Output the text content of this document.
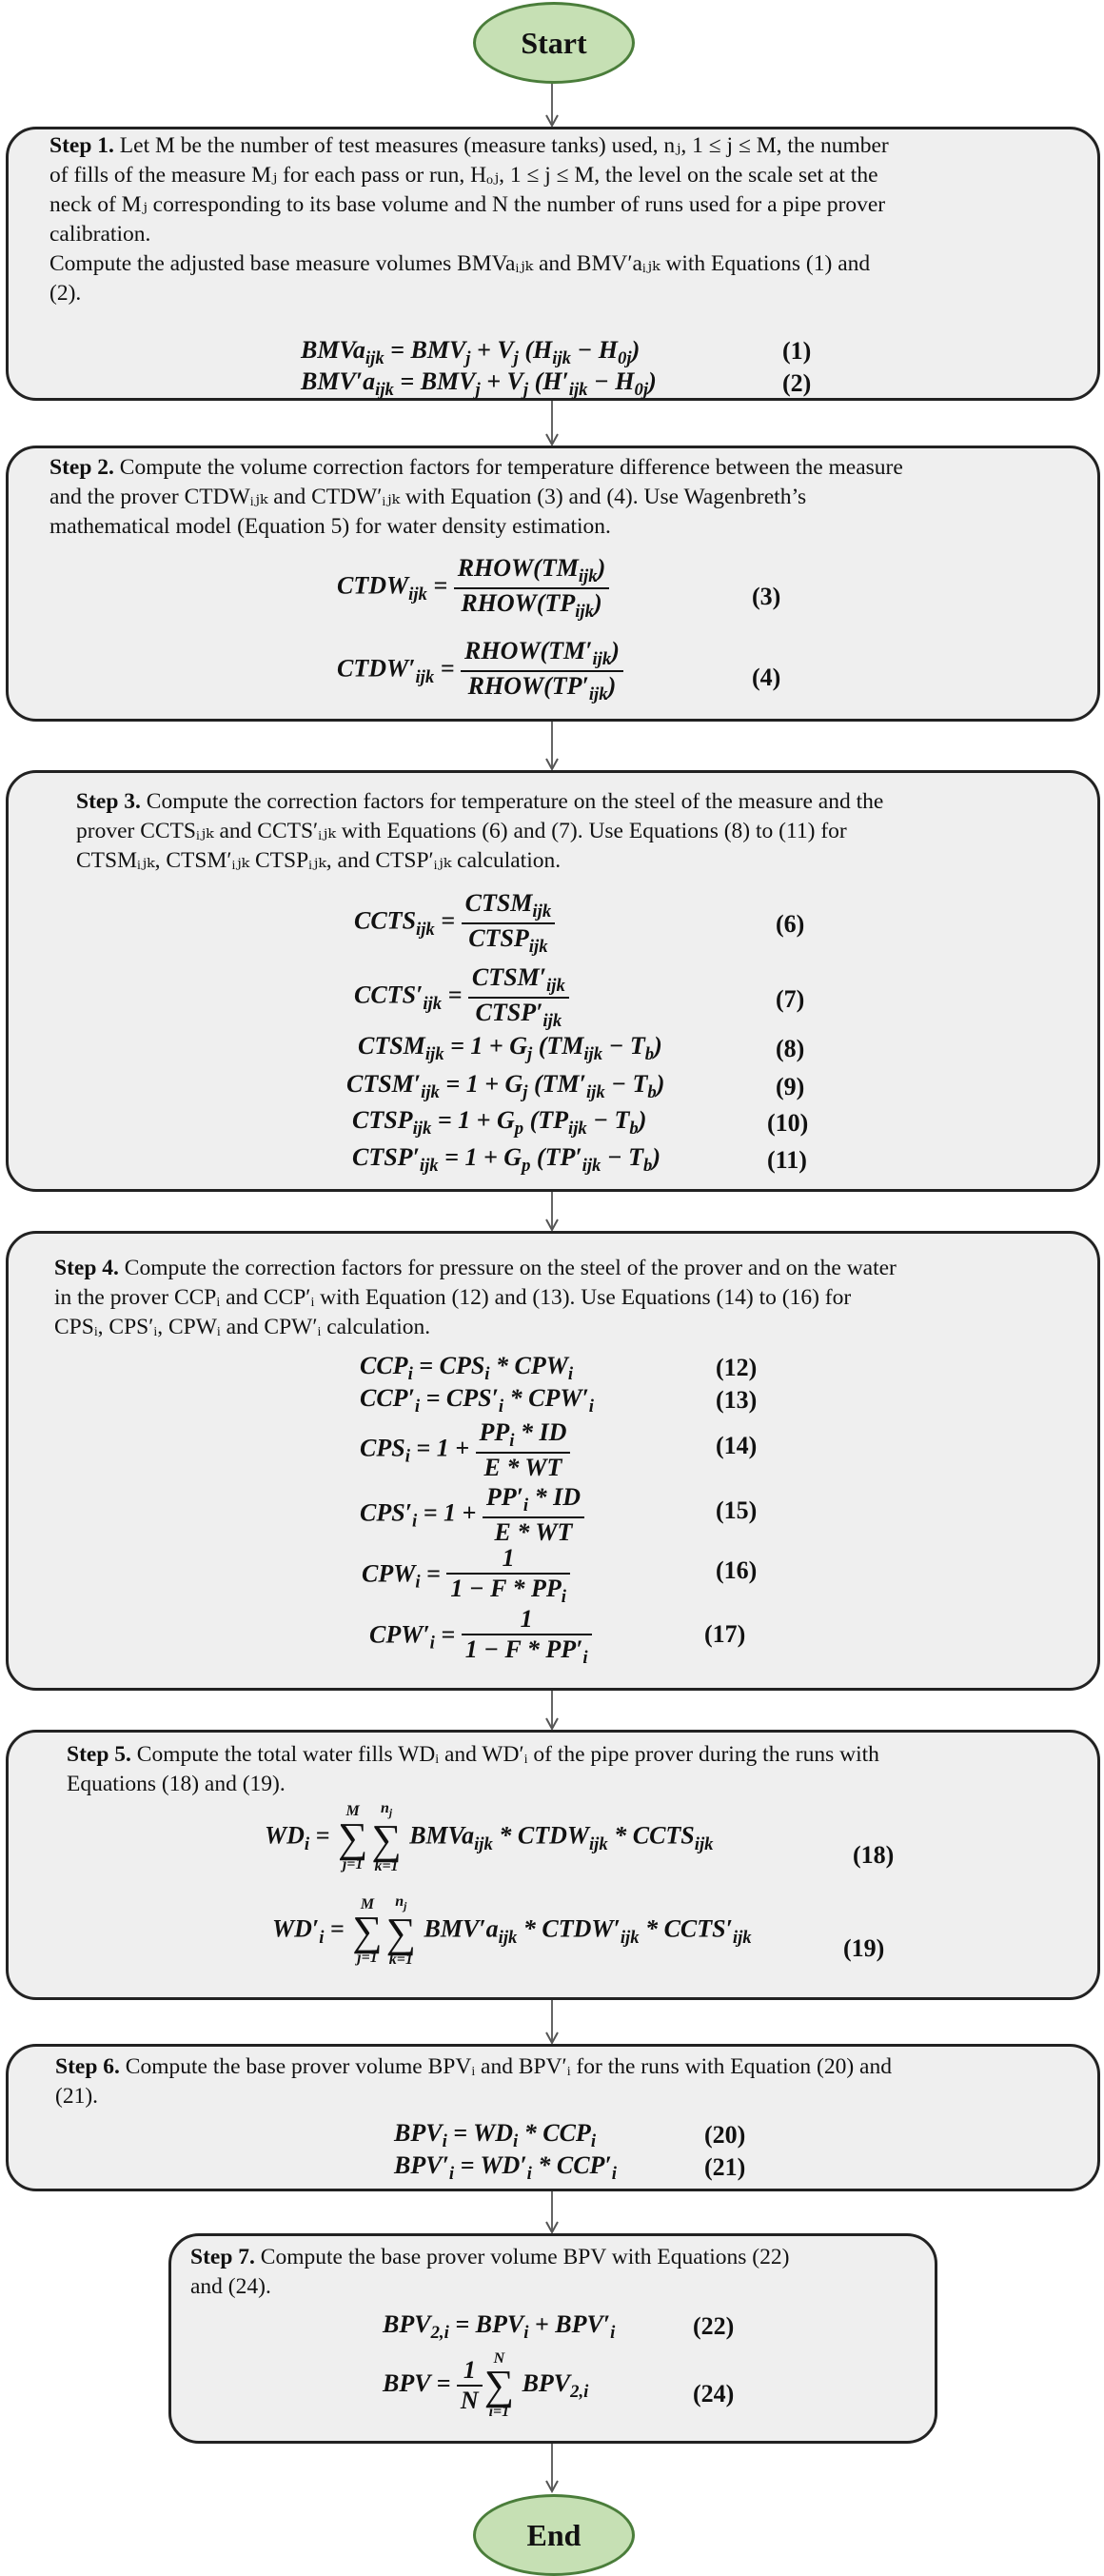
Start
Step 1. Let M be the number of test measures (measure tanks) used, nⱼ, 1 ≤ j ≤ M, the number
of fills of the measure Mⱼ for each pass or run, Hₒⱼ, 1 ≤ j ≤ M, the level on the scale set at the
neck of Mⱼ corresponding to its base volume and N the number of runs used for a pipe prover
calibration.
Compute the adjusted base measure volumes BMVaᵢⱼₖ and BMV′aᵢⱼₖ with Equations (1) and
(2).
BMVa$_{ijk}$ = $BMV_j + V_j$ $(H_{ijk} - H_{0j})$	(1)
$BMV'a_{ijk} = BMV_j + V_j$ $(H'_{ijk} - H_{0j})$	(2)
Step 2. Compute the volume correction factors for temperature difference between the measure
and the prover CTDWᵢⱼₖ and CTDW′ᵢⱼₖ with Equation (3) and (4). Use Wagenbreth’s
mathematical model (Equation 5) for water density estimation.
$CTDW_{ijk} = \frac{RHOW(TM_{ijk})}{RHOW(TP_{ijk})}$	(3)
$CTDW'_{ijk} = \frac{RHOW(TM'_{ijk})}{RHOW(TP'_{ijk})}$	(4)
Step 3. Compute the correction factors for temperature on the steel of the measure and the
prover CCTSᵢⱼₖ and CCTS′ᵢⱼₖ with Equations (6) and (7). Use Equations (8) to (11) for
CTSMᵢⱼₖ, CTSM′ᵢⱼₖ CTSPᵢⱼₖ, and CTSP′ᵢⱼₖ calculation.
$CCTS_{ijk} = \frac{CTSM_{ijk}}{CTSP_{ijk}}$	(6)
$CCTS'_{ijk} = \frac{CTSM'_{ijk}}{CTSP'_{ijk}}$	(7)
$CTSM_{ijk} = 1 + G_j$ $(TM_{ijk} - T_b)$	(8)
$CTSM'_{ijk} = 1 + G_j$ $(TM'_{ijk} - T_b)$	(9)
$CTSP_{ijk} = 1 + G_p$ $(TP_{ijk} - T_b)$	(10)
$CTSP'_{ijk} = 1 + G_p$ $(TP'_{ijk} - T_b)$	(11)
Step 4. Compute the correction factors for pressure on the steel of the prover and on the water
in the prover CCPᵢ and CCP′ᵢ with Equation (12) and (13). Use Equations (14) to (16) for
CPSᵢ, CPS′ᵢ, CPWᵢ and CPW′ᵢ calculation.
$CCP_i = CPS_i * CPW_i$	(12)
$CCP'_i = CPS'_i * CPW'_i$	(13)
$CPS_i = 1 + \frac{PP_i * ID}{E * WT}$	(14)
$CPS'_i = 1 + \frac{PP'_i * ID}{E * WT}$	(15)
$CPW_i = \frac{1}{1 - F * PP_i}$	(16)
$CPW'_i = \frac{1}{1 - F * PP'_i}$	(17)
Step 5. Compute the total water fills WDᵢ and WD′ᵢ of the pipe prover during the runs with
Equations (18) and (19).
$WD_i$ =
M
∑
j=1
$n_j$
∑
k=1
BMVa$_{ijk}$ * $CTDW_{ijk}$ * $CCTS_{ijk}$	(18)
$WD'_i$ =
M
∑
j=1
$n_j$
∑
k=1
$BMV'a_{ijk}$ * $CTDW'_{ijk}$ * $CCTS'_{ijk}$	(19)
Step 6. Compute the base prover volume BPVᵢ and BPV′ᵢ for the runs with Equation (20) and
(21).
$BPV_i = WD_i * CCP_i$	(20)
$BPV'_i = WD'_i * CCP'_i$	(21)
Step 7. Compute the base prover volume BPV with Equations (22)
and (24).
$BPV_{2,i} = BPV_i + BPV'_i$	(22)
BPV = $\frac{1}{N}$ N
∑
i=1
$BPV_{2,i}$	(24)
End
